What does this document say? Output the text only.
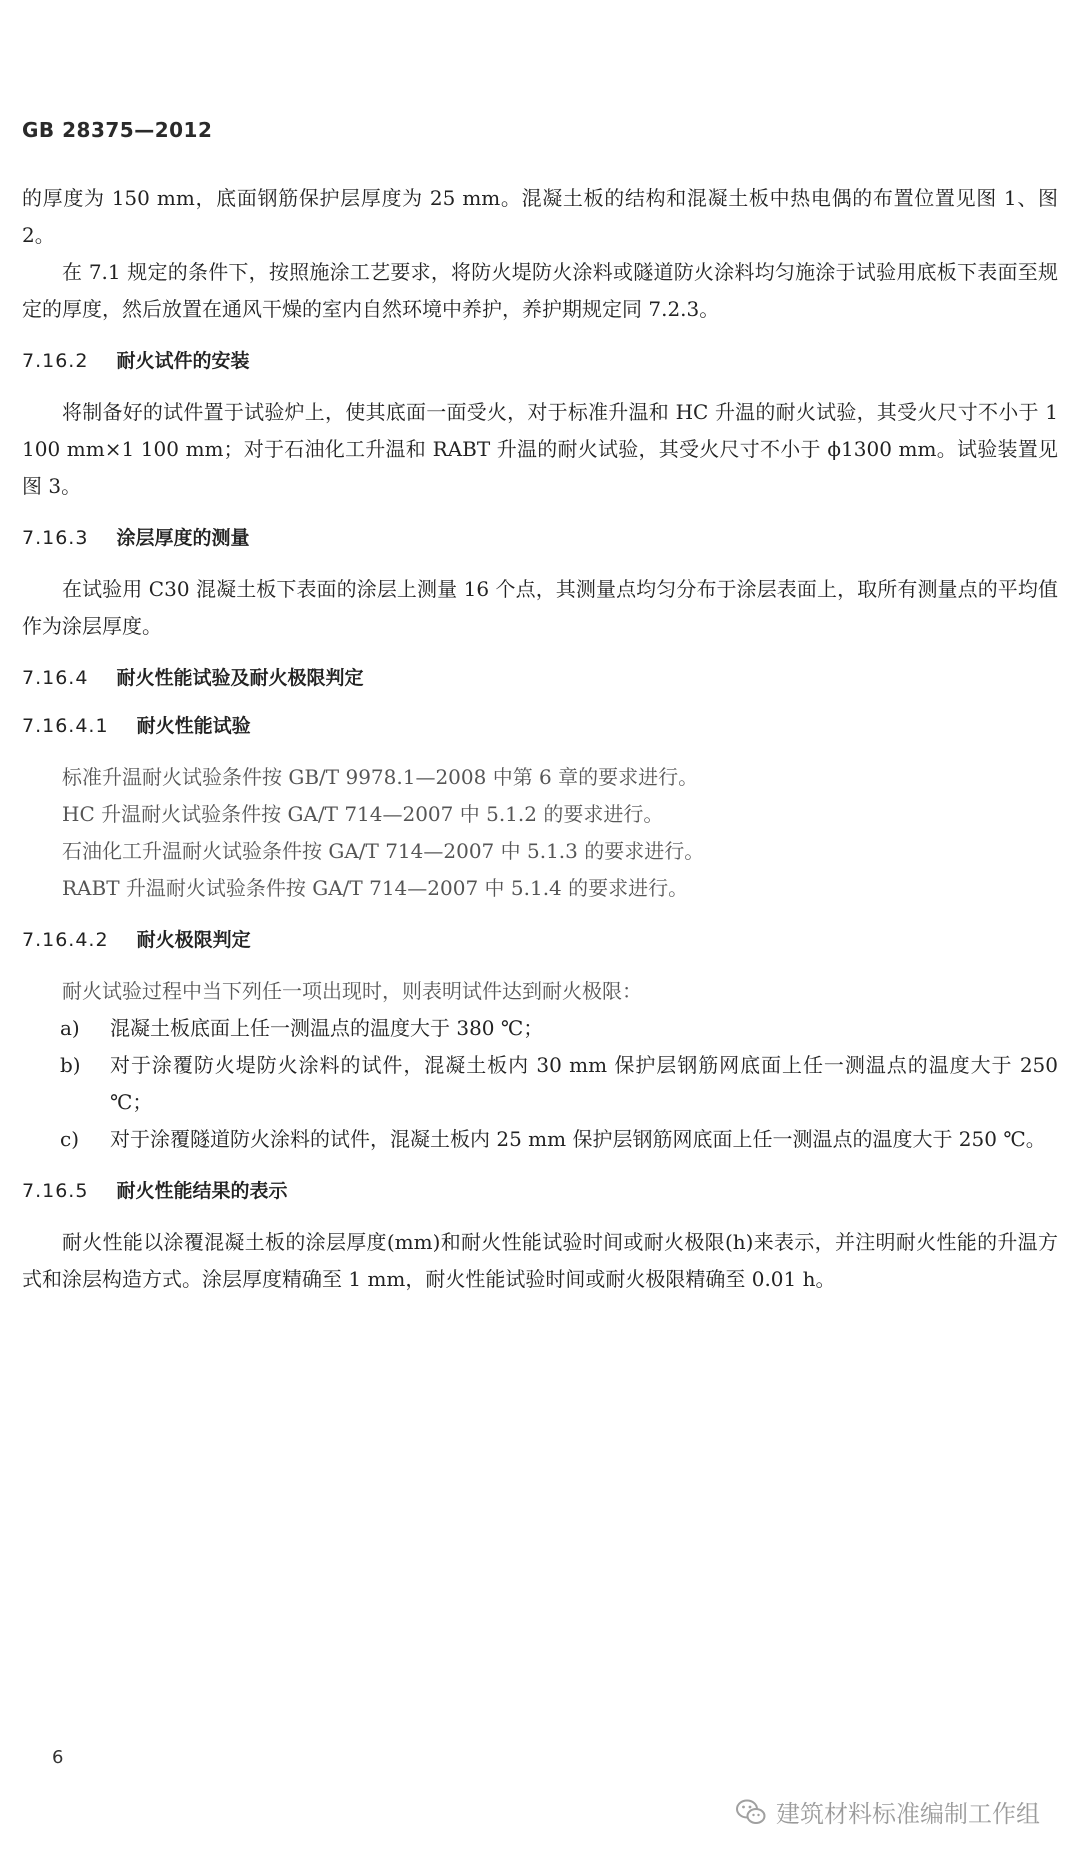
GB 28375—2012

的厚度为 150 mm，底面钢筋保护层厚度为 25 mm。混凝土板的结构和混凝土板中热电偶的布置位置见图 1、图 2。

在 7.1 规定的条件下，按照施涂工艺要求，将防火堤防火涂料或隧道防火涂料均匀施涂于试验用底板下表面至规定的厚度，然后放置在通风干燥的室内自然环境中养护，养护期规定同 7.2.3。

7.16.2 耐火试件的安装

将制备好的试件置于试验炉上，使其底面一面受火，对于标准升温和 HC 升温的耐火试验，其受火尺寸不小于 1 100 mm×1 100 mm；对于石油化工升温和 RABT 升温的耐火试验，其受火尺寸不小于 ϕ1300 mm。试验装置见图 3。

7.16.3 涂层厚度的测量

在试验用 C30 混凝土板下表面的涂层上测量 16 个点，其测量点均匀分布于涂层表面上，取所有测量点的平均值作为涂层厚度。

7.16.4 耐火性能试验及耐火极限判定
7.16.4.1 耐火性能试验

标准升温耐火试验条件按 GB/T 9978.1—2008 中第 6 章的要求进行。

HC 升温耐火试验条件按 GA/T 714—2007 中 5.1.2 的要求进行。

石油化工升温耐火试验条件按 GA/T 714—2007 中 5.1.3 的要求进行。

RABT 升温耐火试验条件按 GA/T 714—2007 中 5.1.4 的要求进行。

7.16.4.2 耐火极限判定

耐火试验过程中当下列任一项出现时，则表明试件达到耐火极限：

a)	混凝土板底面上任一测温点的温度大于 380 ℃；
b)	对于涂覆防火堤防火涂料的试件，混凝土板内 30 mm 保护层钢筋网底面上任一测温点的温度大于 250 ℃；
c)	对于涂覆隧道防火涂料的试件，混凝土板内 25 mm 保护层钢筋网底面上任一测温点的温度大于 250 ℃。
7.16.5 耐火性能结果的表示

耐火性能以涂覆混凝土板的涂层厚度(mm)和耐火性能试验时间或耐火极限(h)来表示，并注明耐火性能的升温方式和涂层构造方式。涂层厚度精确至 1 mm，耐火性能试验时间或耐火极限精确至 0.01 h。

6
建筑材料标准编制工作组
